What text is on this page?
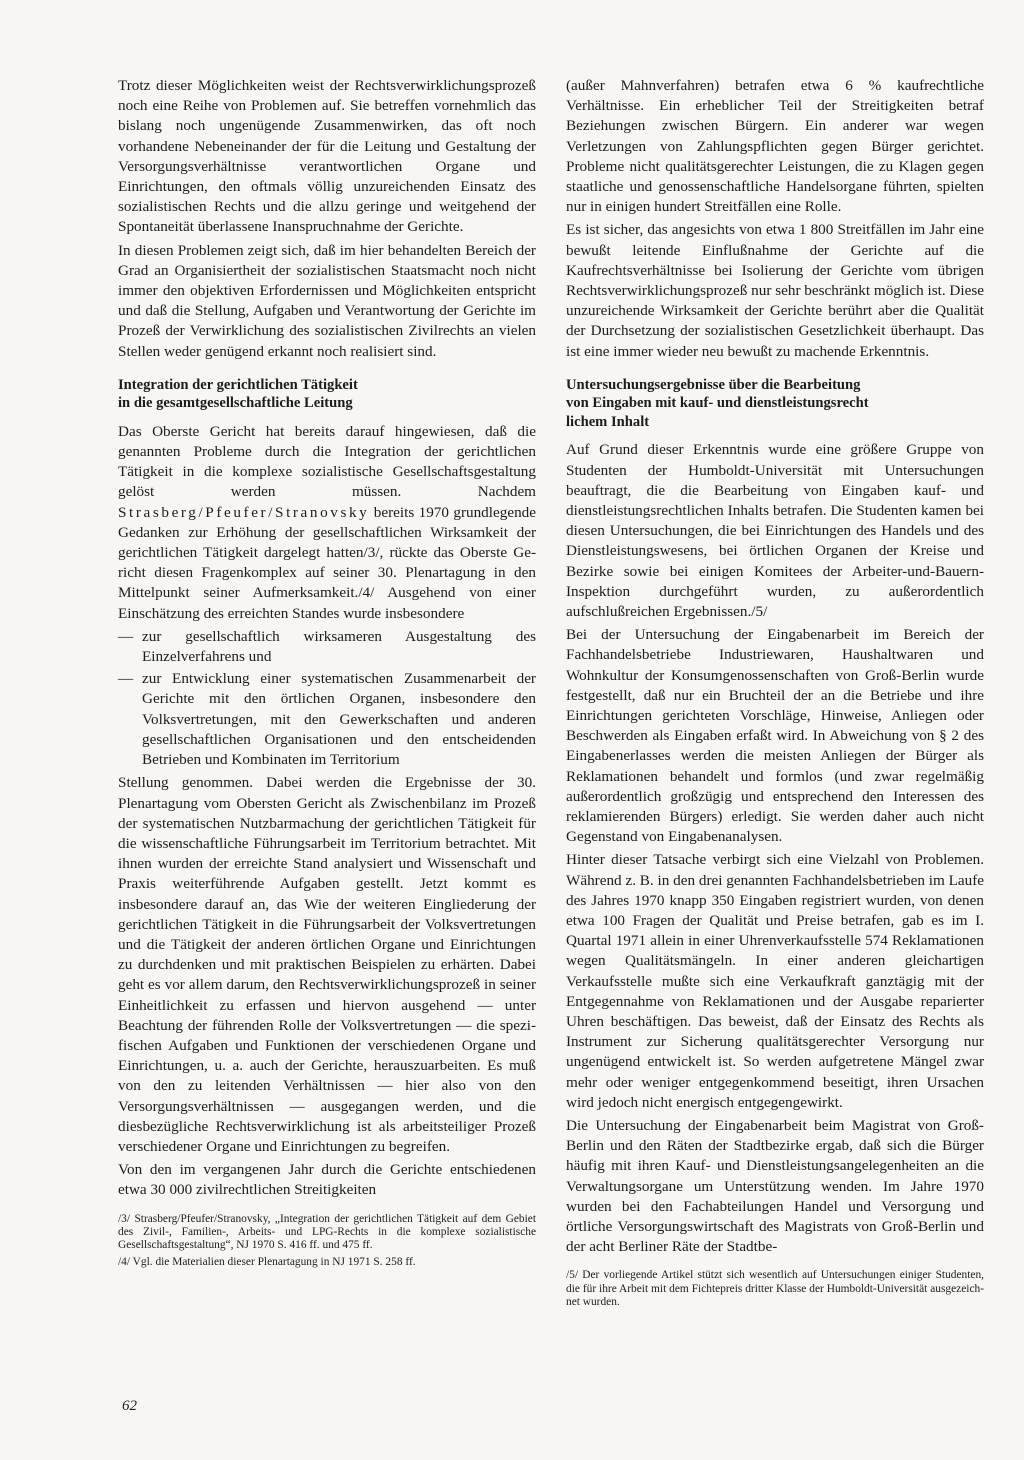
Trotz dieser Möglichkeiten weist der Rechtsverwirklichungsprozeß noch eine Reihe von Problemen auf. Sie betreffen vornehmlich das bislang noch ungenügende Zusammenwirken, das oft noch vorhandene Nebeneinander der für die Leitung und Gestaltung der Versorgungsverhältnisse verantwortlichen Organe und Einrichtungen, den oftmals völlig unzureichenden Einsatz des sozialistischen Rechts und die allzu geringe und weitgehend der Spontaneität überlassene Inanspruchnahme der Gerichte.

In diesen Problemen zeigt sich, daß im hier behandelten Bereich der Grad an Organisiertheit der sozialistischen Staatsmacht noch nicht immer den objektiven Erfordernissen und Möglichkeiten entspricht und daß die Stellung, Aufgaben und Verantwortung der Gerichte im Prozeß der Verwirklichung des sozialistischen Zivilrechts an vielen Stellen weder genügend erkannt noch realisiert sind.

Integration der gerichtlichen Tätigkeit
in die gesamtgesellschaftliche Leitung

Das Oberste Gericht hat bereits darauf hingewiesen, daß die genannten Probleme durch die Integration der gerichtlichen Tätigkeit in die komplexe sozialistische Gesellschaftsgestaltung gelöst werden müssen. Nachdem Strasberg/Pfeufer/Stranovsky bereits 1970 grundlegende Gedanken zur Erhöhung der gesellschaftlichen Wirksamkeit der gerichtlichen Tätigkeit dargelegt hatten/3/, rückte das Oberste Gericht diesen Fragenkomplex auf seiner 30. Plenartagung in den Mittelpunkt seiner Aufmerksamkeit./4/ Ausgehend von einer Einschätzung des erreichten Standes wurde insbesondere

— zur gesellschaftlich wirksameren Ausgestaltung des Einzelverfahrens und
— zur Entwicklung einer systematischen Zusammenarbeit der Gerichte mit den örtlichen Organen, insbesondere den Volksvertretungen, mit den Gewerkschaften und anderen gesellschaftlichen Organisationen und den entscheidenden Betrieben und Kombinaten im Territorium

Stellung genommen. Dabei werden die Ergebnisse der 30. Plenartagung vom Obersten Gericht als Zwischenbilanz im Prozeß der systematischen Nutzbarmachung der gerichtlichen Tätigkeit für die wissenschaftliche Führungsarbeit im Territorium betrachtet. Mit ihnen wurden der erreichte Stand analysiert und Wissenschaft und Praxis weiterführende Aufgaben gestellt. Jetzt kommt es insbesondere darauf an, das Wie der weiteren Eingliederung der gerichtlichen Tätigkeit in die Führungsarbeit der Volksvertretungen und die Tätigkeit der anderen örtlichen Organe und Einrichtungen zu durchdenken und mit praktischen Beispielen zu erhärten. Dabei geht es vor allem darum, den Rechtsverwirklichungsprozeß in seiner Einheitlichkeit zu erfassen und hiervon ausgehend — unter Beachtung der führenden Rolle der Volksvertretungen — die spezifischen Aufgaben und Funktionen der verschiedenen Organe und Einrichtungen, u. a. auch der Gerichte, herauszuarbeiten. Es muß von den zu leitenden Verhältnissen — hier also von den Versorgungsverhältnissen — ausgegangen werden, und die diesbezügliche Rechtsverwirklichung ist als arbeitsteiliger Prozeß verschiedener Organe und Einrichtungen zu begreifen.

Von den im vergangenen Jahr durch die Gerichte entschiedenen etwa 30 000 zivilrechtlichen Streitigkeiten

/3/ Strasberg/Pfeufer/Stranovsky, „Integration der gerichtlichen Tätigkeit auf dem Gebiet des Zivil-, Familien-, Arbeits- und LPG-Rechts in die komplexe sozialistische Gesellschaftsgestaltung“, NJ 1970 S. 416 ff. und 475 ff.

/4/ Vgl. die Materialien dieser Plenartagung in NJ 1971 S. 258 ff.

(außer Mahnverfahren) betrafen etwa 6 % kaufrechtliche Verhältnisse. Ein erheblicher Teil der Streitigkeiten betraf Beziehungen zwischen Bürgern. Ein anderer war wegen Verletzungen von Zahlungspflichten gegen Bürger gerichtet. Probleme nicht qualitätsgerechter Leistungen, die zu Klagen gegen staatliche und genossenschaftliche Handelsorgane führten, spielten nur in einigen hundert Streitfällen eine Rolle.

Es ist sicher, das angesichts von etwa 1 800 Streitfällen im Jahr eine bewußt leitende Einflußnahme der Gerichte auf die Kaufrechtsverhältnisse bei Isolierung der Gerichte vom übrigen Rechtsverwirklichungsprozeß nur sehr beschränkt möglich ist. Diese unzureichende Wirksamkeit der Gerichte berührt aber die Qualität der Durchsetzung der sozialistischen Gesetzlichkeit überhaupt. Das ist eine immer wieder neu bewußt zu machende Erkenntnis.

Untersuchungsergebnisse über die Bearbeitung
von Eingaben mit kauf- und dienstleistungsrecht
lichem Inhalt

Auf Grund dieser Erkenntnis wurde eine größere Gruppe von Studenten der Humboldt-Universität mit Untersuchungen beauftragt, die die Bearbeitung von Eingaben kauf- und dienstleistungsrechtlichen Inhalts betrafen. Die Studenten kamen bei diesen Untersuchungen, die bei Einrichtungen des Handels und des Dienstleistungswesens, bei örtlichen Organen der Kreise und Bezirke sowie bei einigen Komitees der Arbeiter-und-Bauern-Inspektion durchgeführt wurden, zu außerordentlich aufschlußreichen Ergebnissen./5/

Bei der Untersuchung der Eingabenarbeit im Bereich der Fachhandelsbetriebe Industriewaren, Haushaltwaren und Wohnkultur der Konsumgenossenschaften von Groß-Berlin wurde festgestellt, daß nur ein Bruchteil der an die Betriebe und ihre Einrichtungen gerichteten Vorschläge, Hinweise, Anliegen oder Beschwerden als Eingaben erfaßt wird. In Abweichung von § 2 des Eingabenerlasses werden die meisten Anliegen der Bürger als Reklamationen behandelt und formlos (und zwar regelmäßig außerordentlich großzügig und entsprechend den Interessen des reklamierenden Bürgers) erledigt. Sie werden daher auch nicht Gegenstand von Eingabenanalysen.

Hinter dieser Tatsache verbirgt sich eine Vielzahl von Problemen. Während z. B. in den drei genannten Fachhandelsbetrieben im Laufe des Jahres 1970 knapp 350 Eingaben registriert wurden, von denen etwa 100 Fragen der Qualität und Preise betrafen, gab es im I. Quartal 1971 allein in einer Uhrenverkaufsstelle 574 Reklamationen wegen Qualitätsmängeln. In einer anderen gleichartigen Verkaufsstelle mußte sich eine Verkaufkraft ganztägig mit der Entgegennahme von Reklamationen und der Ausgabe reparierter Uhren beschäftigen. Das beweist, daß der Einsatz des Rechts als Instrument zur Sicherung qualitätsgerechter Versorgung nur ungenügend entwickelt ist. So werden aufgetretene Mängel zwar mehr oder weniger entgegenkommend beseitigt, ihren Ursachen wird jedoch nicht energisch entgegengewirkt.

Die Untersuchung der Eingabenarbeit beim Magistrat von Groß-Berlin und den Räten der Stadtbezirke ergab, daß sich die Bürger häufig mit ihren Kauf- und Dienstleistungsangelegenheiten an die Verwaltungsorgane um Unterstützung wenden. Im Jahre 1970 wurden bei den Fachabteilungen Handel und Versorgung und örtliche Versorgungswirtschaft des Magistrats von Groß-Berlin und der acht Berliner Räte der Stadtbe-

/5/ Der vorliegende Artikel stützt sich wesentlich auf Untersuchungen einiger Studenten, die für ihre Arbeit mit dem Fichtepreis dritter Klasse der Humboldt-Universität ausgezeichnet wurden.

62
